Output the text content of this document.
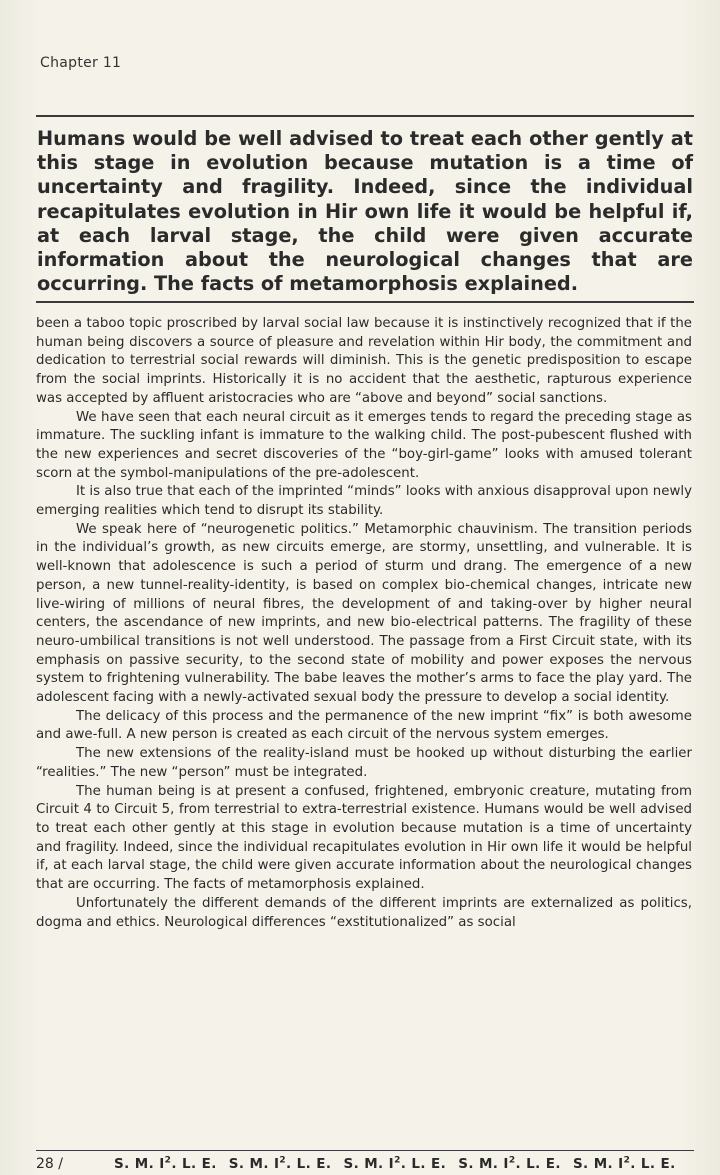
Chapter 11

Humans would be well advised to treat each other gently at this stage in evolution because mutation is a time of uncertainty and fragility. Indeed, since the individual recapitulates evolution in Hir own life it would be helpful if, at each larval stage, the child were given accurate information about the neurological changes that are occurring. The facts of metamorphosis explained.

been a taboo topic proscribed by larval social law because it is instinctively recognized that if the human being discovers a source of pleasure and revelation within Hir body, the commitment and dedication to terrestrial social rewards will diminish. This is the genetic predisposition to escape from the social imprints. Historically it is no accident that the aesthetic, rapturous experience was accepted by affluent aristocracies who are “above and beyond” social sanctions.

We have seen that each neural circuit as it emerges tends to regard the preceding stage as immature. The suckling infant is immature to the walking child. The post-pubescent flushed with the new experiences and secret discoveries of the “boy-girl-game” looks with amused tolerant scorn at the symbol-manipulations of the pre-adolescent.

It is also true that each of the imprinted “minds” looks with anxious disapproval upon newly emerging realities which tend to disrupt its stability.

We speak here of “neurogenetic politics.” Metamorphic chauvinism. The transition periods in the individual’s growth, as new circuits emerge, are stormy, unsettling, and vulnerable. It is well-known that adolescence is such a period of sturm und drang. The emergence of a new person, a new tunnel-reality-identity, is based on complex bio-chemical changes, intricate new live-wiring of millions of neural fibres, the development of and taking-over by higher neural centers, the ascendance of new imprints, and new bio-electrical patterns. The fragility of these neuro-umbilical transitions is not well understood. The passage from a First Circuit state, with its emphasis on passive security, to the second state of mobility and power exposes the nervous system to frightening vulnerability. The babe leaves the mother’s arms to face the play yard. The adolescent facing with a newly-activated sexual body the pressure to develop a social identity.

The delicacy of this process and the permanence of the new imprint “fix” is both awesome and awe-full. A new person is created as each circuit of the nervous system emerges.

The new extensions of the reality-island must be hooked up without disturbing the earlier “realities.” The new “person” must be integrated.

The human being is at present a confused, frightened, embryonic creature, mutating from Circuit 4 to Circuit 5, from terrestrial to extra-terrestrial existence. Humans would be well advised to treat each other gently at this stage in evolution because mutation is a time of uncertainty and fragility. Indeed, since the individual recapitulates evolution in Hir own life it would be helpful if, at each larval stage, the child were given accurate information about the neurological changes that are occurring. The facts of metamorphosis explained.

Unfortunately the different demands of the different imprints are externalized as politics, dogma and ethics. Neurological differences “exstitutionalized” as social

28 /	S. M. $I^2$. L. E. S. M. $I^2$. L. E. S. M. $I^2$. L. E. S. M. $I^2$. L. E. S. M. $I^2$. L. E.
